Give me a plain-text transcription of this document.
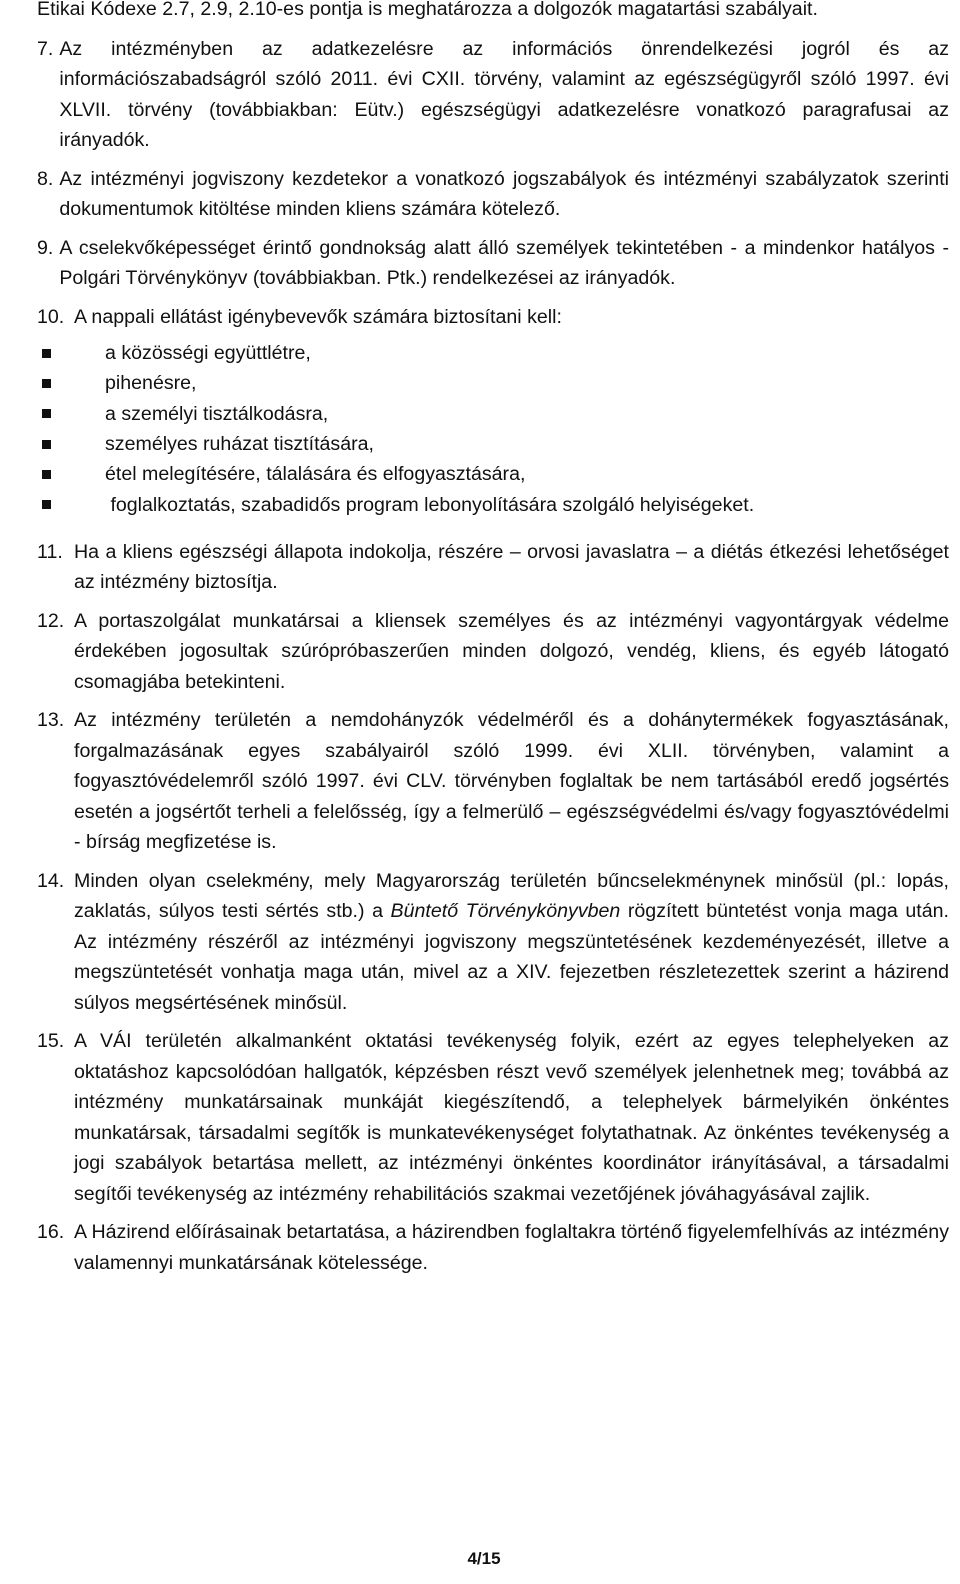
Etikai Kódexe 2.7, 2.9, 2.10-es pontja is meghatározza a dolgozók magatartási szabályait.

7. Az intézményben az adatkezelésre az információs önrendelkezési jogról és az információszabadságról szóló 2011. évi CXII. törvény, valamint az egészségügyről szóló 1997. évi XLVII. törvény (továbbiakban: Eütv.) egészségügyi adatkezelésre vonatkozó paragrafusai az irányadók.
8. Az intézményi jogviszony kezdetekor a vonatkozó jogszabályok és intézményi szabályzatok szerinti dokumentumok kitöltése minden kliens számára kötelező.
9. A cselekvőképességet érintő gondnokság alatt álló személyek tekintetében - a mindenkor hatályos - Polgári Törvénykönyv (továbbiakban. Ptk.) rendelkezései az irányadók.
10. A nappali ellátást igénybevevők számára biztosítani kell:
a közösségi együttlétre,
pihenésre,
a személyi tisztálkodásra,
személyes ruházat tisztítására,
étel melegítésére, tálalására és elfogyasztására,
foglalkoztatás, szabadidős program lebonyolítására szolgáló helyiségeket.
11. Ha a kliens egészségi állapota indokolja, részére – orvosi javaslatra – a diétás étkezési lehetőséget az intézmény biztosítja.
12. A portaszolgálat munkatársai a kliensek személyes és az intézményi vagyontárgyak védelme érdekében jogosultak szúrópróbaszerűen minden dolgozó, vendég, kliens, és egyéb látogató csomagjába betekinteni.
13. Az intézmény területén a nemdohányzók védelméről és a dohánytermékek fogyasztásának, forgalmazásának egyes szabályairól szóló 1999. évi XLII. törvényben, valamint a fogyasztóvédelemről szóló 1997. évi CLV. törvényben foglaltak be nem tartásából eredő jogsértés esetén a jogsértőt terheli a felelősség, így a felmerülő – egészségvédelmi és/vagy fogyasztóvédelmi - bírság megfizetése is.
14. Minden olyan cselekmény, mely Magyarország területén bűncselekménynek minősül (pl.: lopás, zaklatás, súlyos testi sértés stb.) a Büntető Törvénykönyvben rögzített büntetést vonja maga után. Az intézmény részéről az intézményi jogviszony megszüntetésének kezdeményezését, illetve a megszüntetését vonhatja maga után, mivel az a XIV. fejezetben részletezettek szerint a házirend súlyos megsértésének minősül.
15. A VÁI területén alkalmanként oktatási tevékenység folyik, ezért az egyes telephelyeken az oktatáshoz kapcsolódóan hallgatók, képzésben részt vevő személyek jelenhetnek meg; továbbá az intézmény munkatársainak munkáját kiegészítendő, a telephelyek bármelyikén önkéntes munkatársak, társadalmi segítők is munkatevékenységet folytathatnak. Az önkéntes tevékenység a jogi szabályok betartása mellett, az intézményi önkéntes koordinátor irányításával, a társadalmi segítői tevékenység az intézmény rehabilitációs szakmai vezetőjének jóváhagyásával zajlik.
16. A Házirend előírásainak betartatása, a házirendben foglaltakra történő figyelemfelhívás az intézmény valamennyi munkatársának kötelessége.
4/15
